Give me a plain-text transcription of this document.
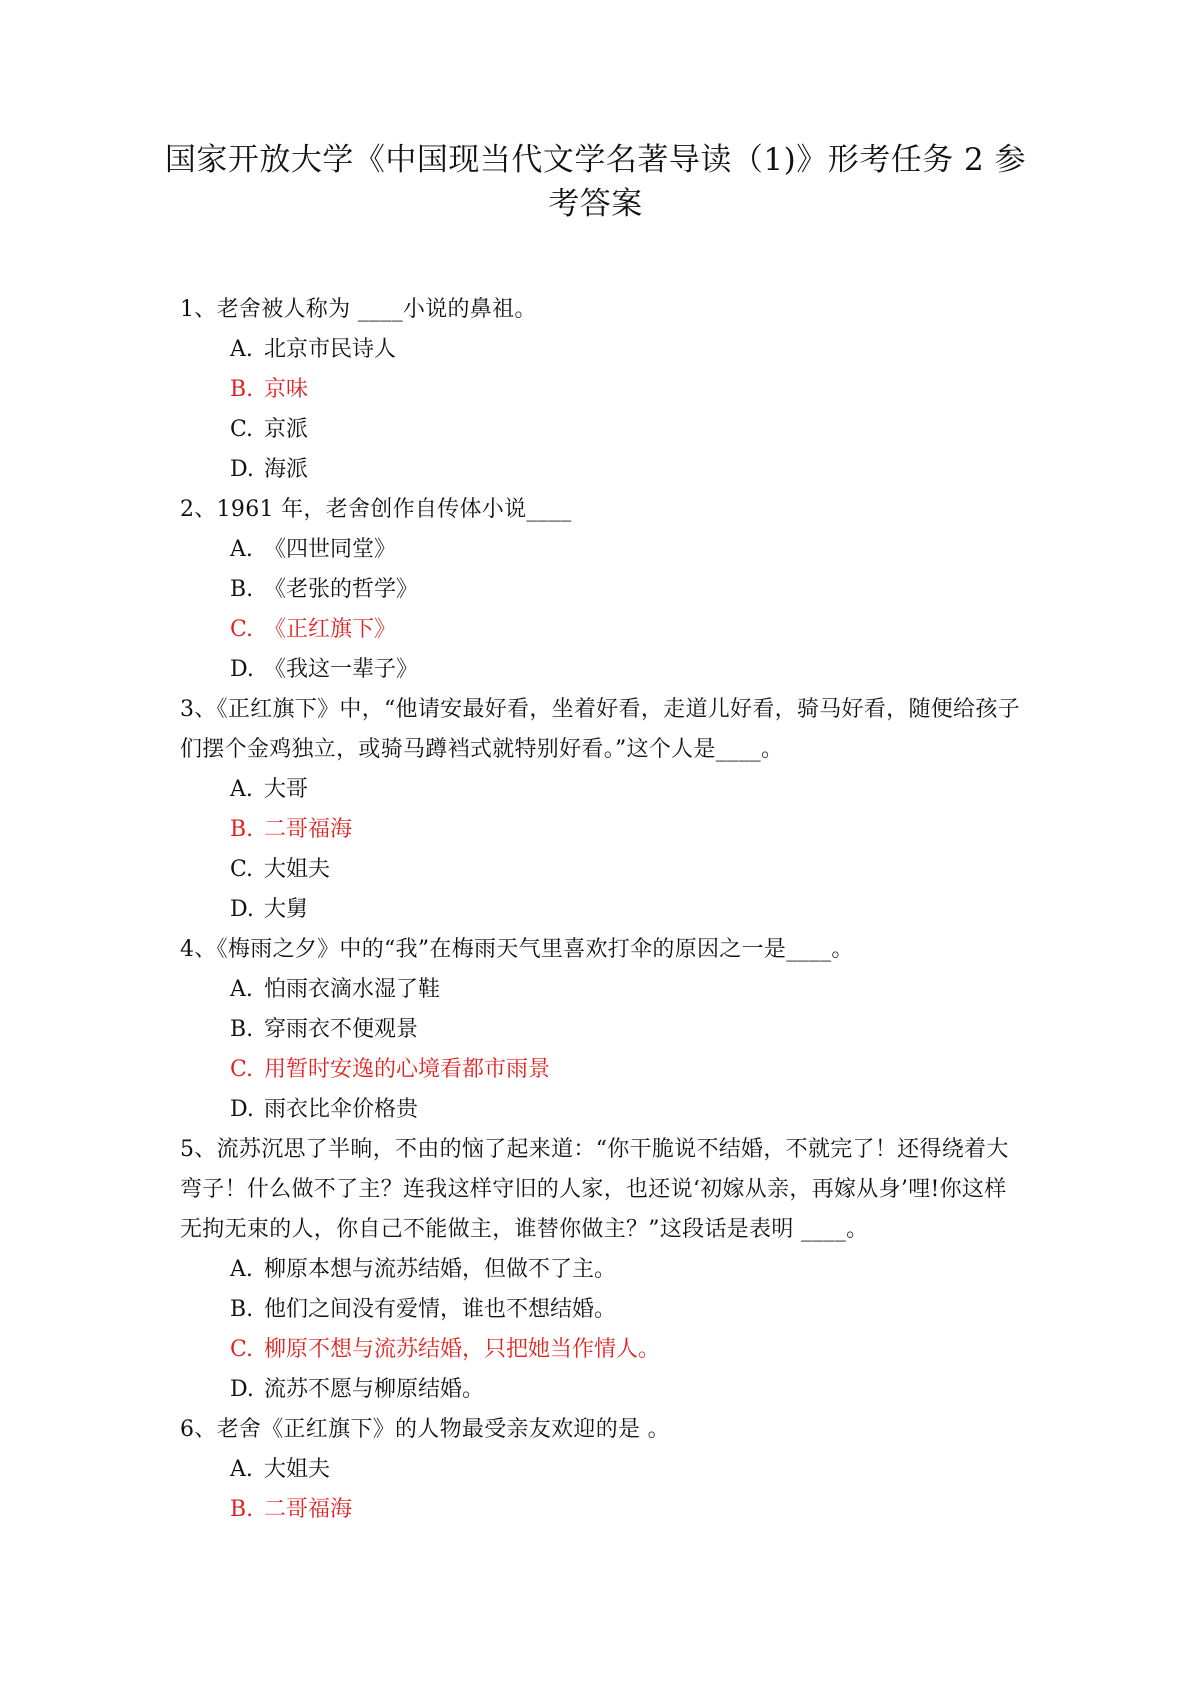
国家开放大学《中国现当代文学名著导读（1)》形考任务 2 参考答案

1、老舍被人称为 ____小说的鼻祖。

A. 北京市民诗人
B. 京味
C. 京派
D. 海派

2、1961 年，老舍创作自传体小说____

A. 《四世同堂》
B. 《老张的哲学》
C. 《正红旗下》
D. 《我这一辈子》

3、《正红旗下》中，“他请安最好看，坐着好看，走道儿好看，骑马好看，随便给孩子们摆个金鸡独立，或骑马蹲裆式就特别好看。”这个人是____。

A. 大哥
B. 二哥福海
C. 大姐夫
D. 大舅

4、《梅雨之夕》中的“我”在梅雨天气里喜欢打伞的原因之一是____。

A. 怕雨衣滴水湿了鞋
B. 穿雨衣不便观景
C. 用暂时安逸的心境看都市雨景
D. 雨衣比伞价格贵

5、流苏沉思了半晌，不由的恼了起来道：“你干脆说不结婚，不就完了！还得绕着大弯子！什么做不了主？连我这样守旧的人家，也还说‘初嫁从亲，再嫁从身’哩!你这样无拘无束的人，你自己不能做主，谁替你做主？”这段话是表明 ____。

A. 柳原本想与流苏结婚，但做不了主。
B. 他们之间没有爱情，谁也不想结婚。
C. 柳原不想与流苏结婚，只把她当作情人。
D. 流苏不愿与柳原结婚。

6、老舍《正红旗下》的人物最受亲友欢迎的是 。

A. 大姐夫
B. 二哥福海
